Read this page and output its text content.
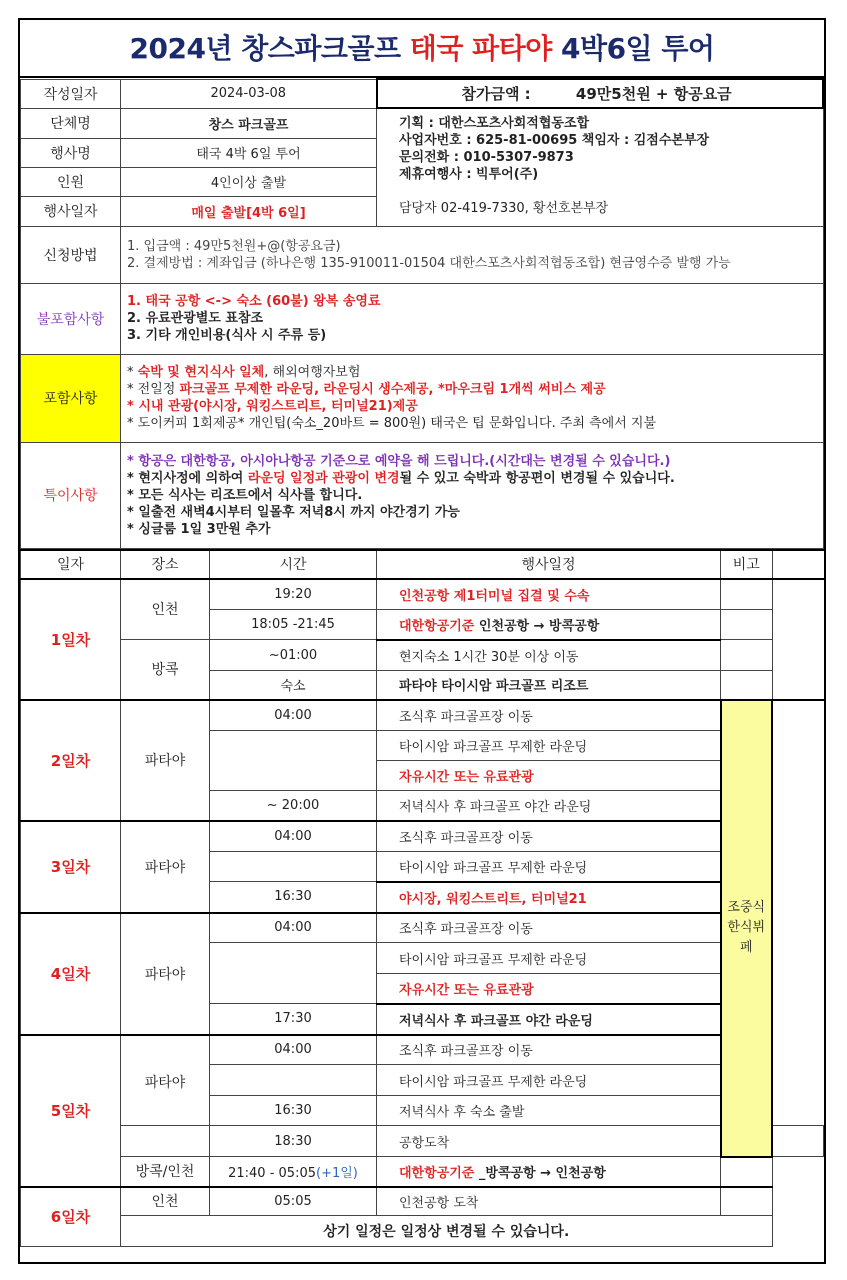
2024년 창스파크골프 태국 파타야 4박6일 투어
작성일자	2024-03-08	참가금액 : 49만5천원 + 항공요금
단체명	창스 파크골프	기획 : 대한스포츠사회적협동조합
사업자번호 : 625-81-00695 책임자 : 김점수본부장
문의전화 : 010-5307-9873
제휴여행사 : 빅투어(주)
담당자 02-419-7330, 황선호본부장

행사명	태국 4박 6일 투어	
인원	4인이상 출발	
행사일자	매일 출발[4박 6일]	
신청방법	1. 입금액 : 49만5천원+@(항공요금)
2. 결제방법 : 계좌입금 (하나은행 135-910011-01504 대한스포츠사회적협동조합) 현금영수증 발행 가능	

불포함사항	1. 태국 공항 <-> 숙소 (60불) 왕복 송영료
2. 유료관광별도 표참조
3. 기타 개인비용(식사 시 주류 등)	

포함사항	* 숙박 및 현지식사 일체, 해외여행자보험
* 전일정 파크골프 무제한 라운딩, 라운딩시 생수제공, *마우크림 1개씩 써비스 제공
* 시내 관광(야시장, 워킹스트리트, 터미널21)제공
* 도이커피 1회제공* 개인팁(숙소_20바트 = 800원) 태국은 팁 문화입니다. 주최 측에서 지불	

특이사항	* 항공은 대한항공, 아시아나항공 기준으로 예약을 해 드립니다.(시간대는 변경될 수 있습니다.)
* 현지사정에 의하여 라운딩 일정과 관광이 변경될 수 있고 숙박과 항공편이 변경될 수 있습니다.
* 모든 식사는 리조트에서 식사를 합니다.
* 일출전 새벽4시부터 일몰후 저녁8시 까지 야간경기 가능
* 싱글룸 1일 3만원 추가	
일자	장소	시간	행사일정	비고	
1일차	인천	19:20	인천공항 제1터미널 집결 및 수속		
		18:05 -21:45	대한항공기준 인천공항 → 방콕공항		
	방콕	~01:00	현지숙소 1시간 30분 이상 이동		
		숙소	파타야 타이시암 파크골프 리조트		
2일차	파타야	04:00	조식후 파크골프장 이동	조중식
한식뷔페	

			타이시암 파크골프 무제한 라운딩		
			자유시간 또는 유료관광		
		~ 20:00	저녁식사 후 파크골프 야간 라운딩		
3일차	파타야	04:00	조식후 파크골프장 이동		
			타이시암 파크골프 무제한 라운딩		
		16:30	야시장, 워킹스트리트, 터미널21		
4일차	파타야	04:00	조식후 파크골프장 이동		
			타이시암 파크골프 무제한 라운딩		
			자유시간 또는 유료관광		
		17:30	저녁식사 후 파크골프 야간 라운딩		
5일차	파타야	04:00	조식후 파크골프장 이동		
			타이시암 파크골프 무제한 라운딩		
		16:30	저녁식사 후 숙소 출발		
		18:30	공항도착		
	방콕/인천	21:40 - 05:05(+1일)	대한항공기준 _방콕공항 → 인천공항		
6일차	인천	05:05	인천공항 도착		
	상기 일정은 일정상 변경될 수 있습니다.				
